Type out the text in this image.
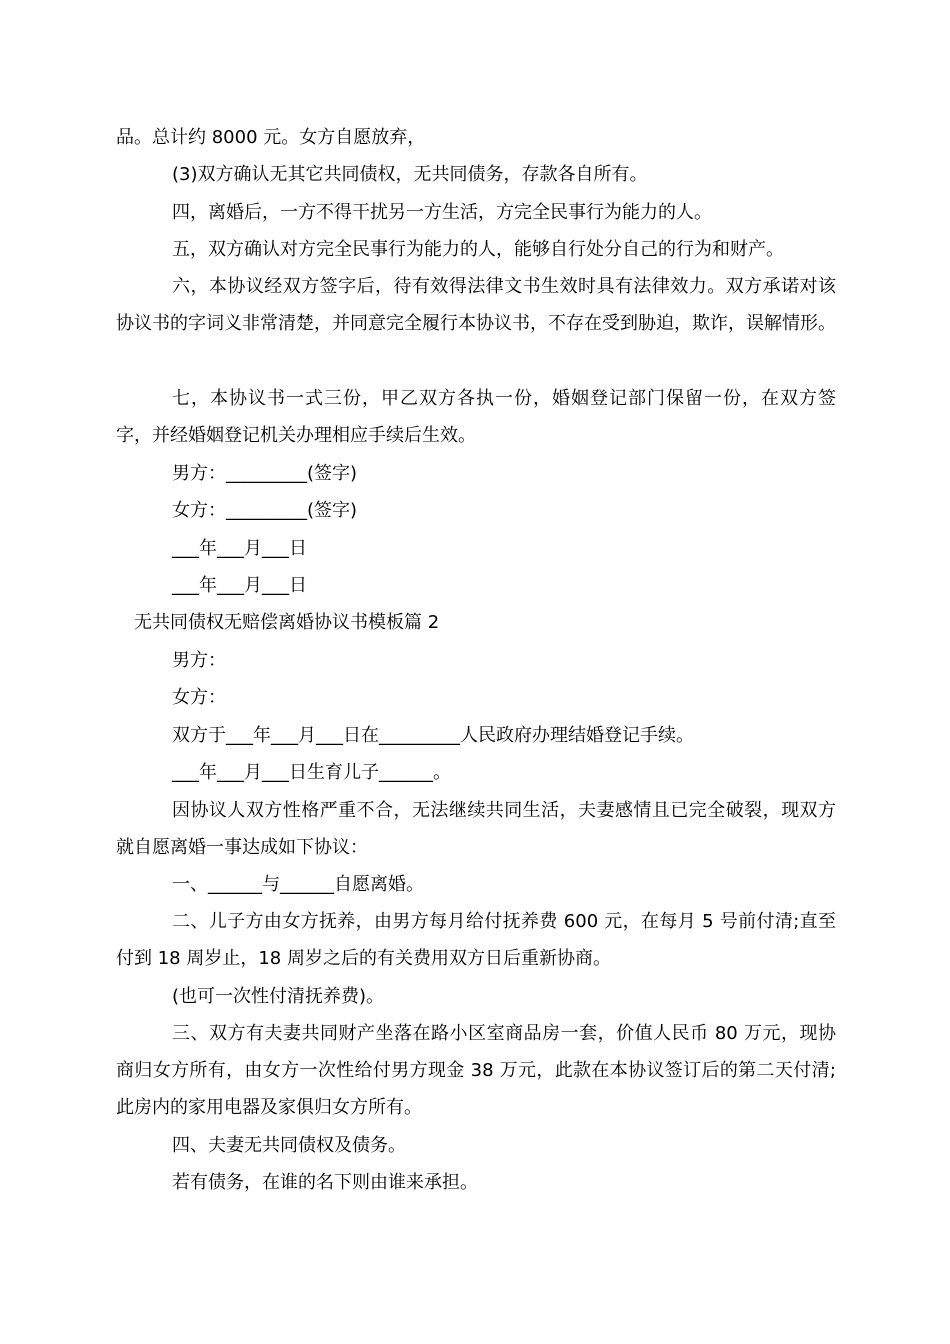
品。总计约 8000 元。女方自愿放弃，

(3)双方确认无其它共同债权，无共同债务，存款各自所有。

四，离婚后，一方不得干扰另一方生活，方完全民事行为能力的人。

五，双方确认对方完全民事行为能力的人，能够自行处分自己的行为和财产。

六，本协议经双方签字后，待有效得法律文书生效时具有法律效力。双方承诺对该协议书的字词义非常清楚，并同意完全履行本协议书，不存在受到胁迫，欺诈，误解情形。

七，本协议书一式三份，甲乙双方各执一份，婚姻登记部门保留一份，在双方签字，并经婚姻登记机关办理相应手续后生效。

男方：_________(签字)

女方：_________(签字)

___年___月___日

___年___月___日

无共同债权无赔偿离婚协议书模板篇 2

男方：

女方：

双方于___年___月___日在_________人民政府办理结婚登记手续。

___年___月___日生育儿子______。

因协议人双方性格严重不合，无法继续共同生活，夫妻感情且已完全破裂，现双方就自愿离婚一事达成如下协议：

一、______与______自愿离婚。

二、儿子方由女方抚养，由男方每月给付抚养费 600 元，在每月 5 号前付清;直至付到 18 周岁止，18 周岁之后的有关费用双方日后重新协商。

(也可一次性付清抚养费)。

三、双方有夫妻共同财产坐落在路小区室商品房一套，价值人民币 80 万元，现协商归女方所有，由女方一次性给付男方现金 38 万元，此款在本协议签订后的第二天付清;此房内的家用电器及家俱归女方所有。

四、夫妻无共同债权及债务。

若有债务，在谁的名下则由谁来承担。
